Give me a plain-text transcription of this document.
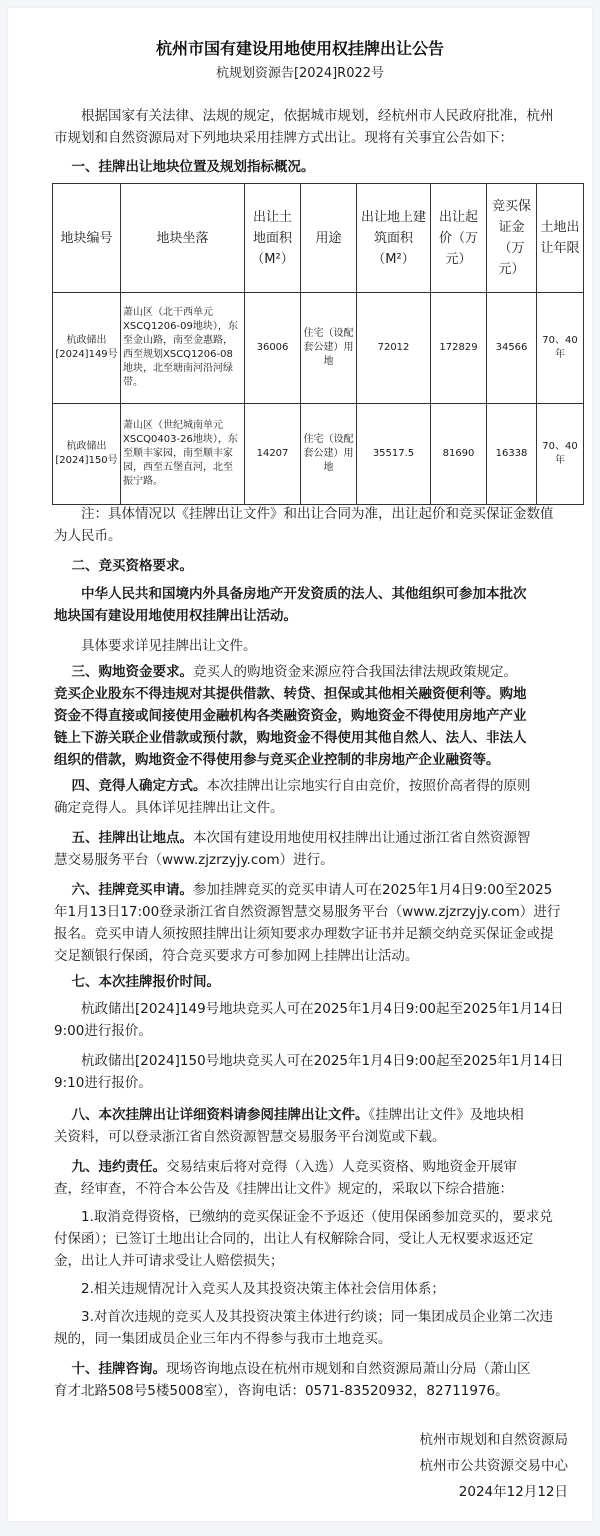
杭州市国有建设用地使用权挂牌出让公告
杭规划资源告[2024]R022号
根据国家有关法律、法规的规定，依据城市规划，经杭州市人民政府批准，杭州
市规划和自然资源局对下列地块采用挂牌方式出让。现将有关事宜公告如下：
一、挂牌出让地块位置及规划指标概况。
地块编号	地块坐落	出让土地面积（M²）	用途	出让地上建筑面积（M²）	出让起价（万元）	竞买保证金（万元）	土地出让年限
杭政储出[2024]149号	萧山区（北干西单元XSCQ1206-09地块），东至金山路，南至金惠路，西至规划XSCQ1206-08地块，北至塘南河沿河绿带。	36006	住宅（设配套公建）用地	72012	172829	34566	70、40年
杭政储出[2024]150号	萧山区（世纪城南单元XSCQ0403-26地块），东至顺丰家园，南至顺丰家园，西至五堡直河，北至振宁路。	14207	住宅（设配套公建）用地	35517.5	81690	16338	70、40年
注：具体情况以《挂牌出让文件》和出让合同为准，出让起价和竞买保证金数值
为人民币。
二、竞买资格要求。
中华人民共和国境内外具备房地产开发资质的法人、其他组织可参加本批次
地块国有建设用地使用权挂牌出让活动。
具体要求详见挂牌出让文件。
三、购地资金要求。竞买人的购地资金来源应符合我国法律法规政策规定。
竞买企业股东不得违规对其提供借款、转贷、担保或其他相关融资便利等。购地
资金不得直接或间接使用金融机构各类融资资金，购地资金不得使用房地产产业
链上下游关联企业借款或预付款，购地资金不得使用其他自然人、法人、非法人
组织的借款，购地资金不得使用参与竞买企业控制的非房地产企业融资等。
四、竞得人确定方式。本次挂牌出让宗地实行自由竞价，按照价高者得的原则
确定竞得人。具体详见挂牌出让文件。
五、挂牌出让地点。本次国有建设用地使用权挂牌出让通过浙江省自然资源智
慧交易服务平台（www.zjzrzyjy.com）进行。
六、挂牌竞买申请。参加挂牌竞买的竞买申请人可在2025年1月4日9:00至2025
年1月13日17:00登录浙江省自然资源智慧交易服务平台（www.zjzrzyjy.com）进行
报名。竞买申请人须按照挂牌出让须知要求办理数字证书并足额交纳竞买保证金或提
交足额银行保函，符合竞买要求方可参加网上挂牌出让活动。
七、本次挂牌报价时间。
杭政储出[2024]149号地块竞买人可在2025年1月4日9:00起至2025年1月14日
9:00进行报价。
杭政储出[2024]150号地块竞买人可在2025年1月4日9:00起至2025年1月14日
9:10进行报价。
八、本次挂牌出让详细资料请参阅挂牌出让文件。《挂牌出让文件》及地块相
关资料，可以登录浙江省自然资源智慧交易服务平台浏览或下载。
九、违约责任。交易结束后将对竞得（入选）人竞买资格、购地资金开展审
查，经审查，不符合本公告及《挂牌出让文件》规定的，采取以下综合措施：
1.取消竞得资格，已缴纳的竞买保证金不予返还（使用保函参加竞买的，要求兑
付保函）；已签订土地出让合同的，出让人有权解除合同，受让人无权要求返还定
金，出让人并可请求受让人赔偿损失；
2.相关违规情况计入竞买人及其投资决策主体社会信用体系；
3.对首次违规的竞买人及其投资决策主体进行约谈；同一集团成员企业第二次违
规的，同一集团成员企业三年内不得参与我市土地竞买。
十、挂牌咨询。现场咨询地点设在杭州市规划和自然资源局萧山分局（萧山区
育才北路508号5楼5008室），咨询电话：0571-83520932，82711976。
杭州市规划和自然资源局
杭州市公共资源交易中心
2024年12月12日
